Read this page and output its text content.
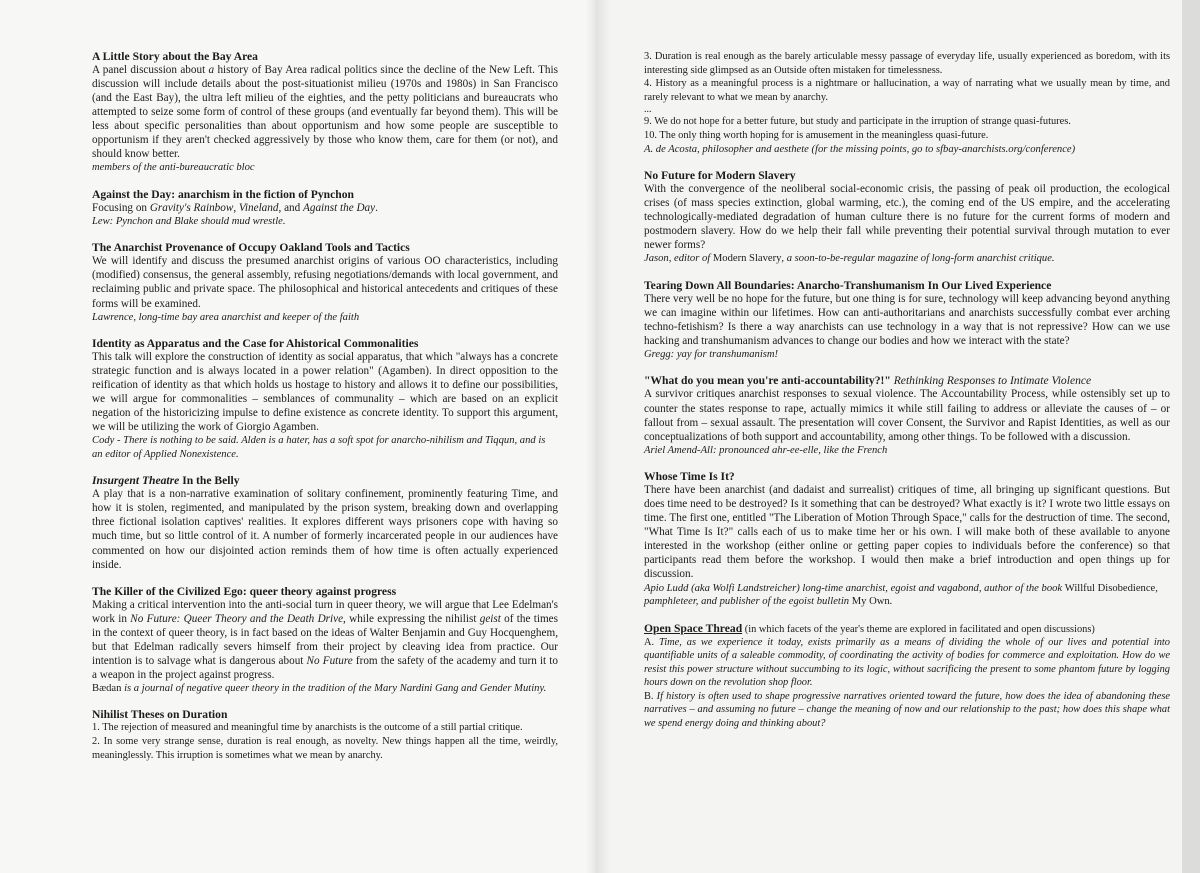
A Little Story about the Bay Area
A panel discussion about a history of Bay Area radical politics since the decline of the New Left. This discussion will include details about the post-situationist milieu (1970s and 1980s) in San Francisco (and the East Bay), the ultra left milieu of the eighties, and the petty politicians and bureaucrats who attempted to seize some form of control of these groups (and eventually far beyond them). This will be less about specific personalities than about opportunism and how some people are susceptible to opportunism if they aren't checked aggressively by those who know them, care for them (or not), and should know better.
members of the anti-bureaucratic bloc
Against the Day: anarchism in the fiction of Pynchon
Focusing on Gravity's Rainbow, Vineland, and Against the Day.
Lew: Pynchon and Blake should mud wrestle.
The Anarchist Provenance of Occupy Oakland Tools and Tactics
We will identify and discuss the presumed anarchist origins of various OO characteristics, including (modified) consensus, the general assembly, refusing negotiations/demands with local government, and reclaiming public and private space. The philosophical and historical antecedents and critiques of these forms will be examined.
Lawrence, long-time bay area anarchist and keeper of the faith
Identity as Apparatus and the Case for Ahistorical Commonalities
This talk will explore the construction of identity as social apparatus, that which "always has a concrete strategic function and is always located in a power relation" (Agamben). In direct opposition to the reification of identity as that which holds us hostage to history and allows it to define our possibilities, we will argue for commonalities – semblances of communality – which are based on an explicit negation of the historicizing impulse to define existence as concrete identity. To support this argument, we will be utilizing the work of Giorgio Agamben.
Cody - There is nothing to be said. Alden is a hater, has a soft spot for anarcho-nihilism and Tiqqun, and is an editor of Applied Nonexistence.
Insurgent Theatre In the Belly
A play that is a non-narrative examination of solitary confinement, prominently featuring Time, and how it is stolen, regimented, and manipulated by the prison system, breaking down and overlapping three fictional isolation captives' realities. It explores different ways prisoners cope with having so much time, but so little control of it. A number of formerly incarcerated people in our audiences have commented on how our disjointed action reminds them of how time is often actually experienced inside.
The Killer of the Civilized Ego: queer theory against progress
Making a critical intervention into the anti-social turn in queer theory, we will argue that Lee Edelman's work in No Future: Queer Theory and the Death Drive, while expressing the nihilist geist of the times in the context of queer theory, is in fact based on the ideas of Walter Benjamin and Guy Hocquenghem, but that Edelman radically severs himself from their project by cleaving idea from practice. Our intention is to salvage what is dangerous about No Future from the safety of the academy and turn it to a weapon in the project against progress.
Bædan is a journal of negative queer theory in the tradition of the Mary Nardini Gang and Gender Mutiny.
Nihilist Theses on Duration
1. The rejection of measured and meaningful time by anarchists is the outcome of a still partial critique.
2. In some very strange sense, duration is real enough, as novelty. New things happen all the time, weirdly, meaninglessly. This irruption is sometimes what we mean by anarchy.
3. Duration is real enough as the barely articulable messy passage of everyday life, usually experienced as boredom, with its interesting side glimpsed as an Outside often mistaken for timelessness.
4. History as a meaningful process is a nightmare or hallucination, a way of narrating what we usually mean by time, and rarely relevant to what we mean by anarchy.
...
9. We do not hope for a better future, but study and participate in the irruption of strange quasi-futures.
10. The only thing worth hoping for is amusement in the meaningless quasi-future.
A. de Acosta, philosopher and aesthete (for the missing points, go to sfbay-anarchists.org/conference)
No Future for Modern Slavery
With the convergence of the neoliberal social-economic crisis, the passing of peak oil production, the ecological crises (of mass species extinction, global warming, etc.), the coming end of the US empire, and the accelerating technologically-mediated degradation of human culture there is no future for the current forms of modern and postmodern slavery. How do we help their fall while preventing their potential survival through mutation to ever newer forms?
Jason, editor of Modern Slavery, a soon-to-be-regular magazine of long-form anarchist critique.
Tearing Down All Boundaries: Anarcho-Transhumanism In Our Lived Experience
There very well be no hope for the future, but one thing is for sure, technology will keep advancing beyond anything we can imagine within our lifetimes. How can anti-authoritarians and anarchists successfully combat ever arching techno-fetishism? Is there a way anarchists can use technology in a way that is not repressive? How can we use hacking and transhumanism advances to change our bodies and how we interact with the state?
Gregg: yay for transhumanism!
"What do you mean you're anti-accountability?!" Rethinking Responses to Intimate Violence
A survivor critiques anarchist responses to sexual violence. The Accountability Process, while ostensibly set up to counter the states response to rape, actually mimics it while still failing to address or alleviate the causes of – or fallout from – sexual assault. The presentation will cover Consent, the Survivor and Rapist Identities, as well as our conceptualizations of both support and accountability, among other things. To be followed with a discussion.
Ariel Amend-All: pronounced ahr-ee-elle, like the French
Whose Time Is It?
There have been anarchist (and dadaist and surrealist) critiques of time, all bringing up significant questions. But does time need to be destroyed? Is it something that can be destroyed? What exactly is it? I wrote two little essays on time. The first one, entitled "The Liberation of Motion Through Space," calls for the destruction of time. The second, "What Time Is It?" calls each of us to make time her or his own. I will make both of these available to anyone interested in the workshop (either online or getting paper copies to individuals before the conference) so that participants read them before the workshop. I would then make a brief introduction and open things up for discussion.
Apio Ludd (aka Wolfi Landstreicher) long-time anarchist, egoist and vagabond, author of the book Willful Disobedience, pamphleteer, and publisher of the egoist bulletin My Own.
Open Space Thread (in which facets of the year's theme are explored in facilitated and open discussions)
A. Time, as we experience it today, exists primarily as a means of dividing the whole of our lives and potential into quantifiable units of a saleable commodity, of coordinating the activity of bodies for commerce and exploitation. How do we resist this power structure without succumbing to its logic, without sacrificing the present to some phantom future by logging hours down on the revolution shop floor.
B. If history is often used to shape progressive narratives oriented toward the future, how does the idea of abandoning these narratives – and assuming no future – change the meaning of now and our relationship to the past; how does this shape what we spend energy doing and thinking about?
